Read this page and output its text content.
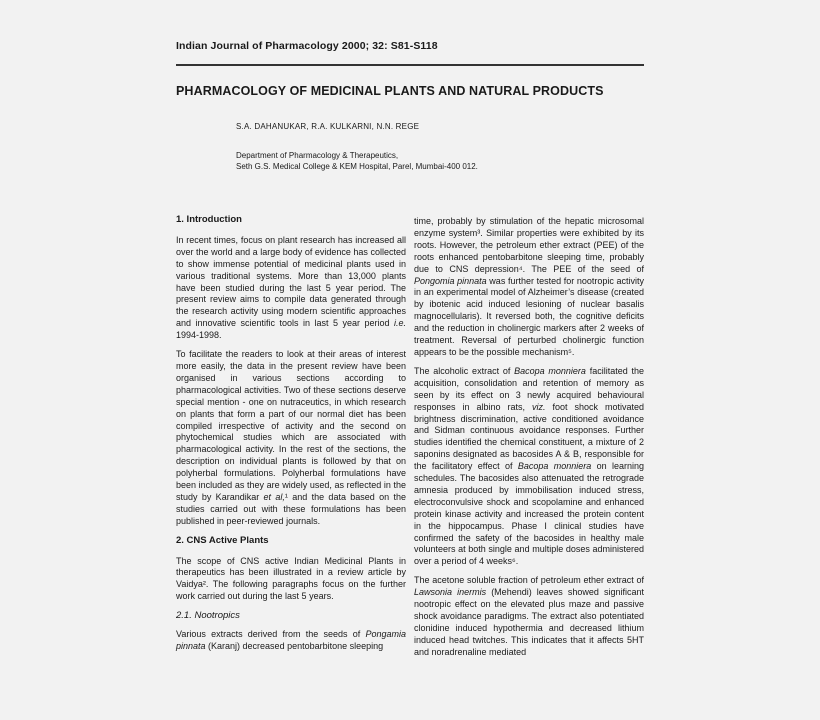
Indian Journal of Pharmacology 2000; 32: S81-S118
PHARMACOLOGY OF MEDICINAL PLANTS AND NATURAL PRODUCTS
S.A. DAHANUKAR, R.A. KULKARNI, N.N. REGE
Department of Pharmacology & Therapeutics,
Seth G.S. Medical College & KEM Hospital, Parel, Mumbai-400 012.
1. Introduction

In recent times, focus on plant research has increased all over the world and a large body of evidence has collected to show immense potential of medicinal plants used in various traditional systems. More than 13,000 plants have been studied during the last 5 year period. The present review aims to compile data generated through the research activity using modern scientific approaches and innovative scientific tools in last 5 year period i.e. 1994-1998.

To facilitate the readers to look at their areas of interest more easily, the data in the present review have been organised in various sections according to pharmacological activities. Two of these sections deserve special mention - one on nutraceutics, in which research on plants that form a part of our normal diet has been compiled irrespective of activity and the second on phytochemical studies which are associated with pharmacological activity. In the rest of the sections, the description on individual plants is followed by that on polyherbal formulations. Polyherbal formulations have been included as they are widely used, as reflected in the study by Karandikar et al,¹ and the data based on the studies carried out with these formulations has been published in peer-reviewed journals.

2. CNS Active Plants

The scope of CNS active Indian Medicinal Plants in therapeutics has been illustrated in a review article by Vaidya². The following paragraphs focus on the further work carried out during the last 5 years.

2.1. Nootropics

Various extracts derived from the seeds of Pongamia pinnata (Karanj) decreased pentobarbitone sleeping

time, probably by stimulation of the hepatic microsomal enzyme system³. Similar properties were exhibited by its roots. However, the petroleum ether extract (PEE) of the roots enhanced pentobarbitone sleeping time, probably due to CNS depression⁴. The PEE of the seed of Pongomia pinnata was further tested for nootropic activity in an experimental model of Alzheimer’s disease (created by ibotenic acid induced lesioning of nuclear basalis magnocellularis). It reversed both, the cognitive deficits and the reduction in cholinergic markers after 2 weeks of treatment. Reversal of perturbed cholinergic function appears to be the possible mechanism⁵.

The alcoholic extract of Bacopa monniera facilitated the acquisition, consolidation and retention of memory as seen by its effect on 3 newly acquired behavioural responses in albino rats, viz. foot shock motivated brightness discrimination, active conditioned avoidance and Sidman continuous avoidance responses. Further studies identified the chemical constituent, a mixture of 2 saponins designated as bacosides A & B, responsible for the facilitatory effect of Bacopa monniera on learning schedules. The bacosides also attenuated the retrograde amnesia produced by immobilisation induced stress, electroconvulsive shock and scopolamine and enhanced protein kinase activity and increased the protein content in the hippocampus. Phase I clinical studies have confirmed the safety of the bacosides in healthy male volunteers at both single and multiple doses administered over a period of 4 weeks⁶.

The acetone soluble fraction of petroleum ether extract of Lawsonia inermis (Mehendi) leaves showed significant nootropic effect on the elevated plus maze and passive shock avoidance paradigms. The extract also potentiated clonidine induced hypothermia and decreased lithium induced head twitches. This indicates that it affects 5HT and noradrenaline mediated
